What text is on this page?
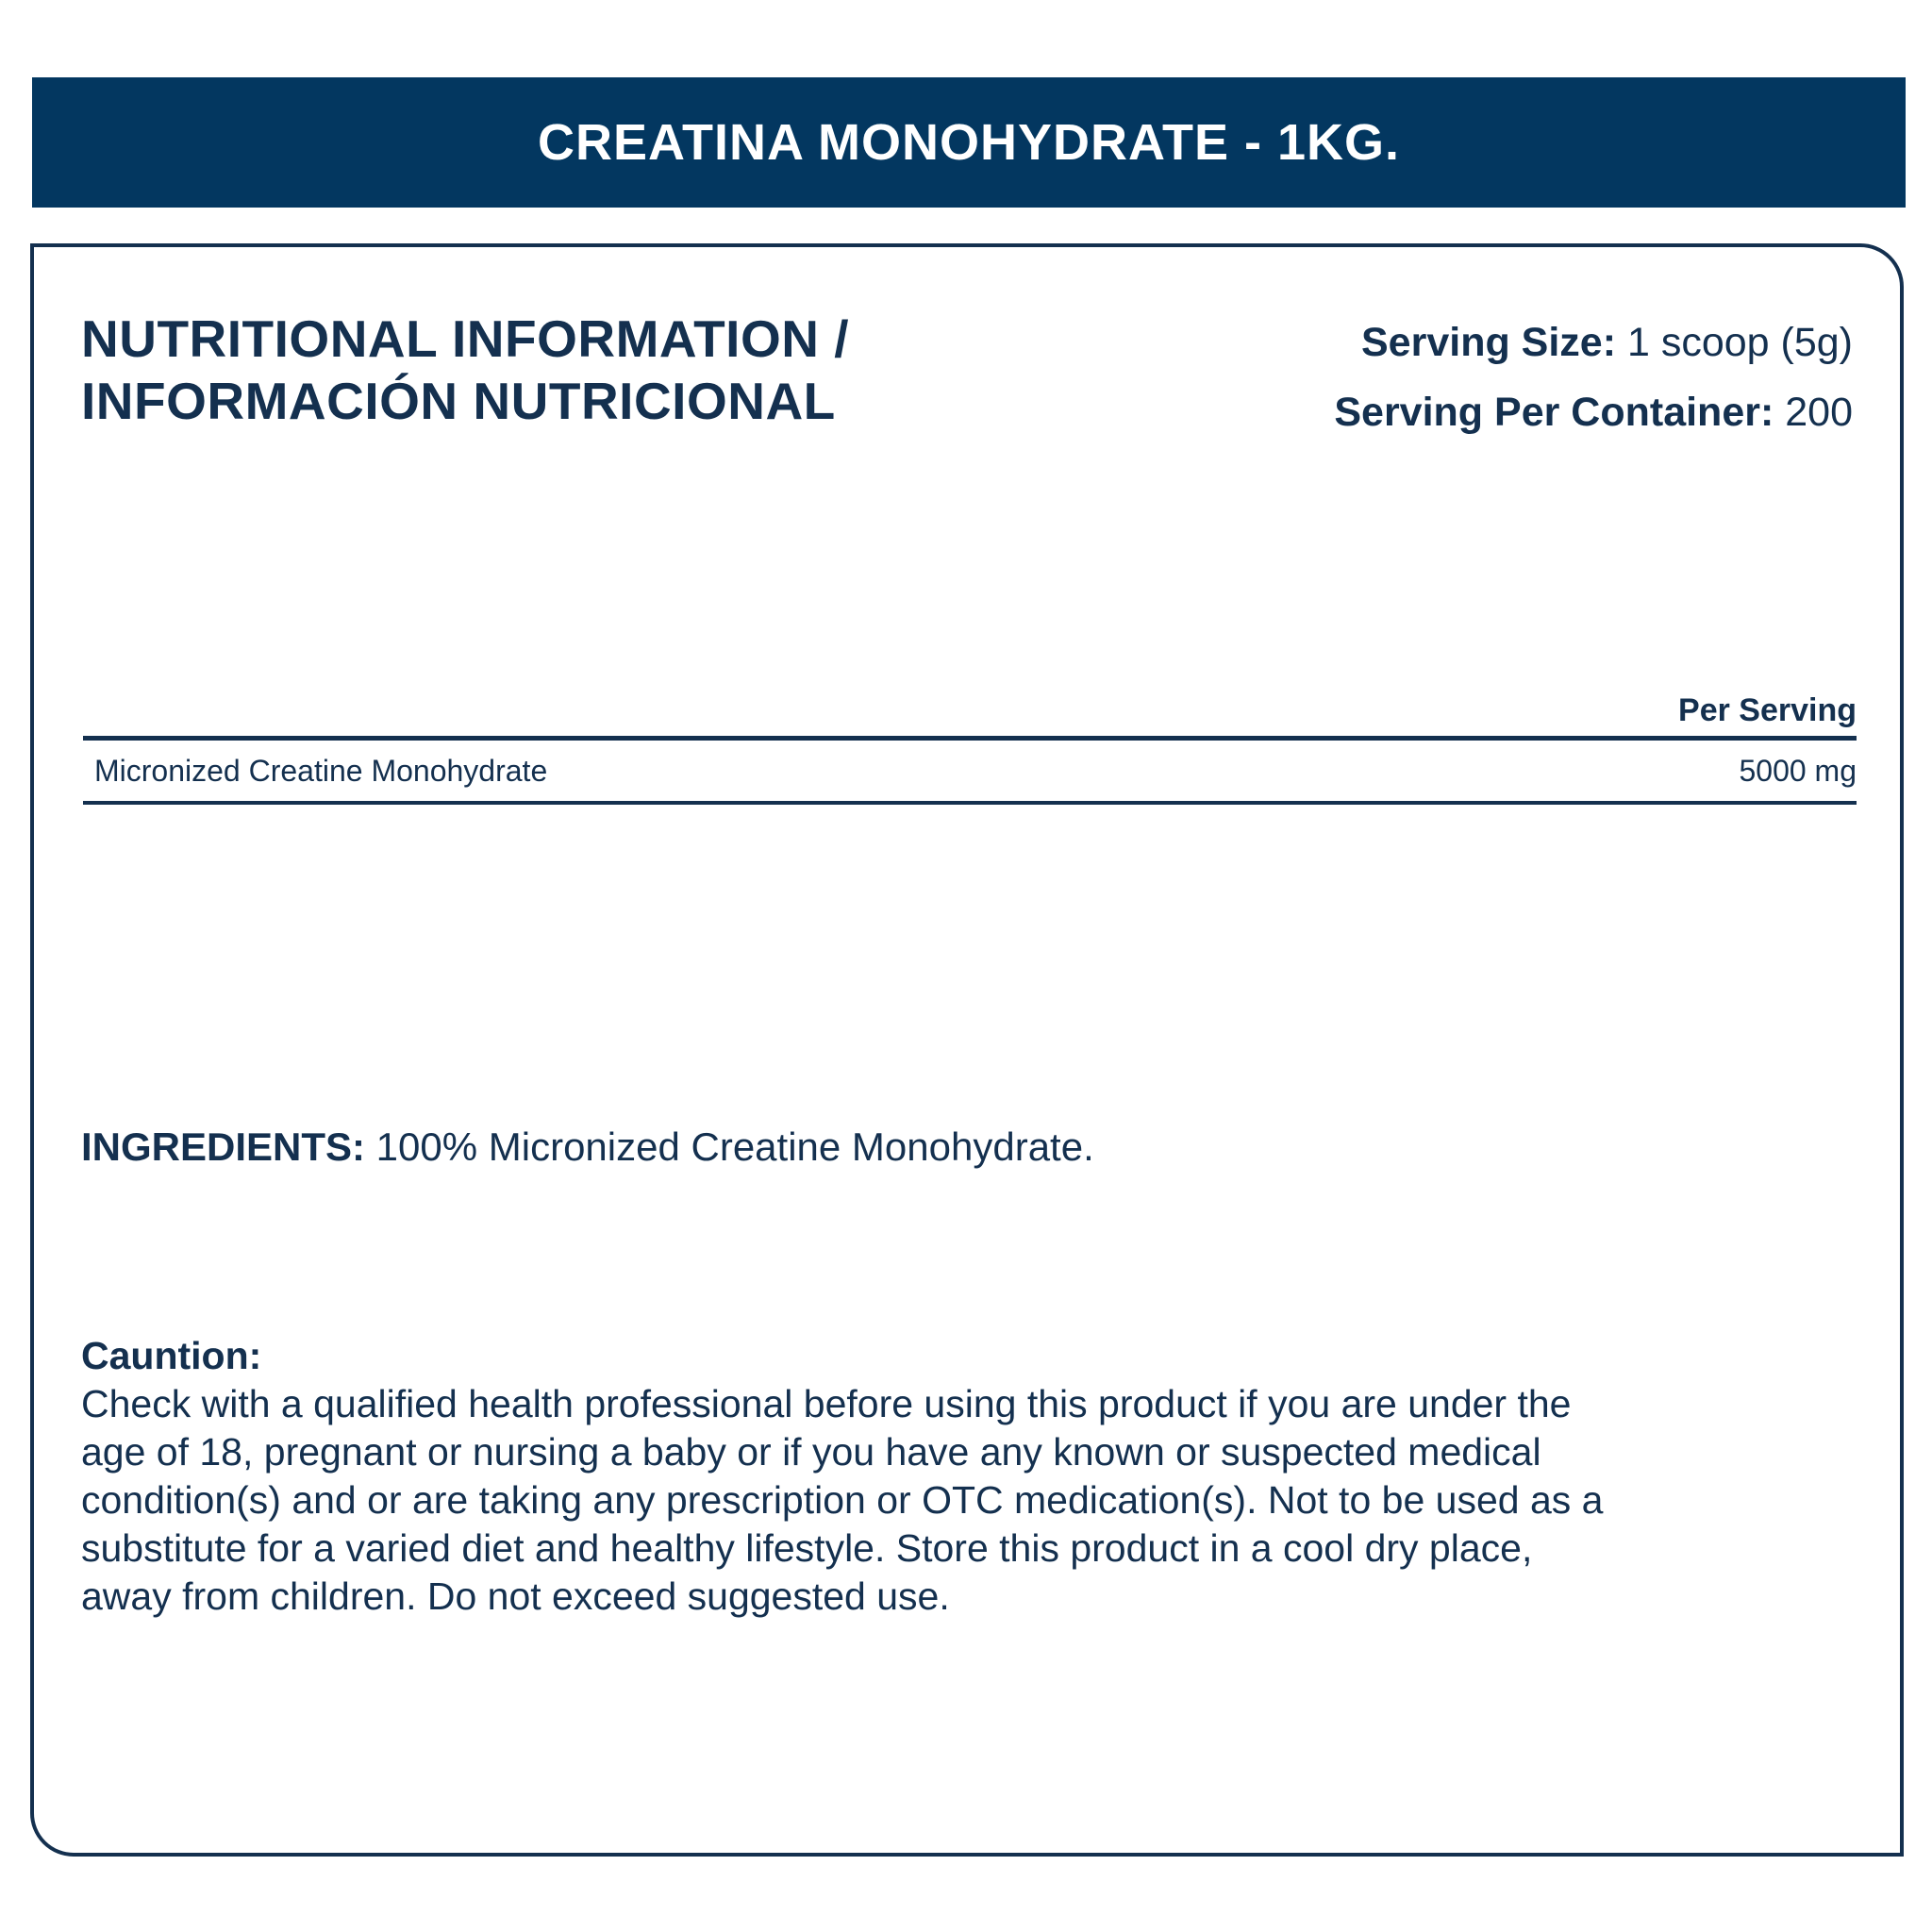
CREATINA MONOHYDRATE - 1KG.
NUTRITIONAL INFORMATION /
INFORMACIÓN NUTRICIONAL
Serving Size: 1 scoop (5g)
Serving Per Container: 200
Per Serving
Micronized Creatine Monohydrate	5000 mg
INGREDIENTS: 100% Micronized Creatine Monohydrate.
Cauntion:
Check with a qualified health professional before using this product if you are under the
age of 18, pregnant or nursing a baby or if you have any known or suspected medical
condition(s) and or are taking any prescription or OTC medication(s). Not to be used as a
substitute for a varied diet and healthy lifestyle. Store this product in a cool dry place,
away from children. Do not exceed suggested use.
